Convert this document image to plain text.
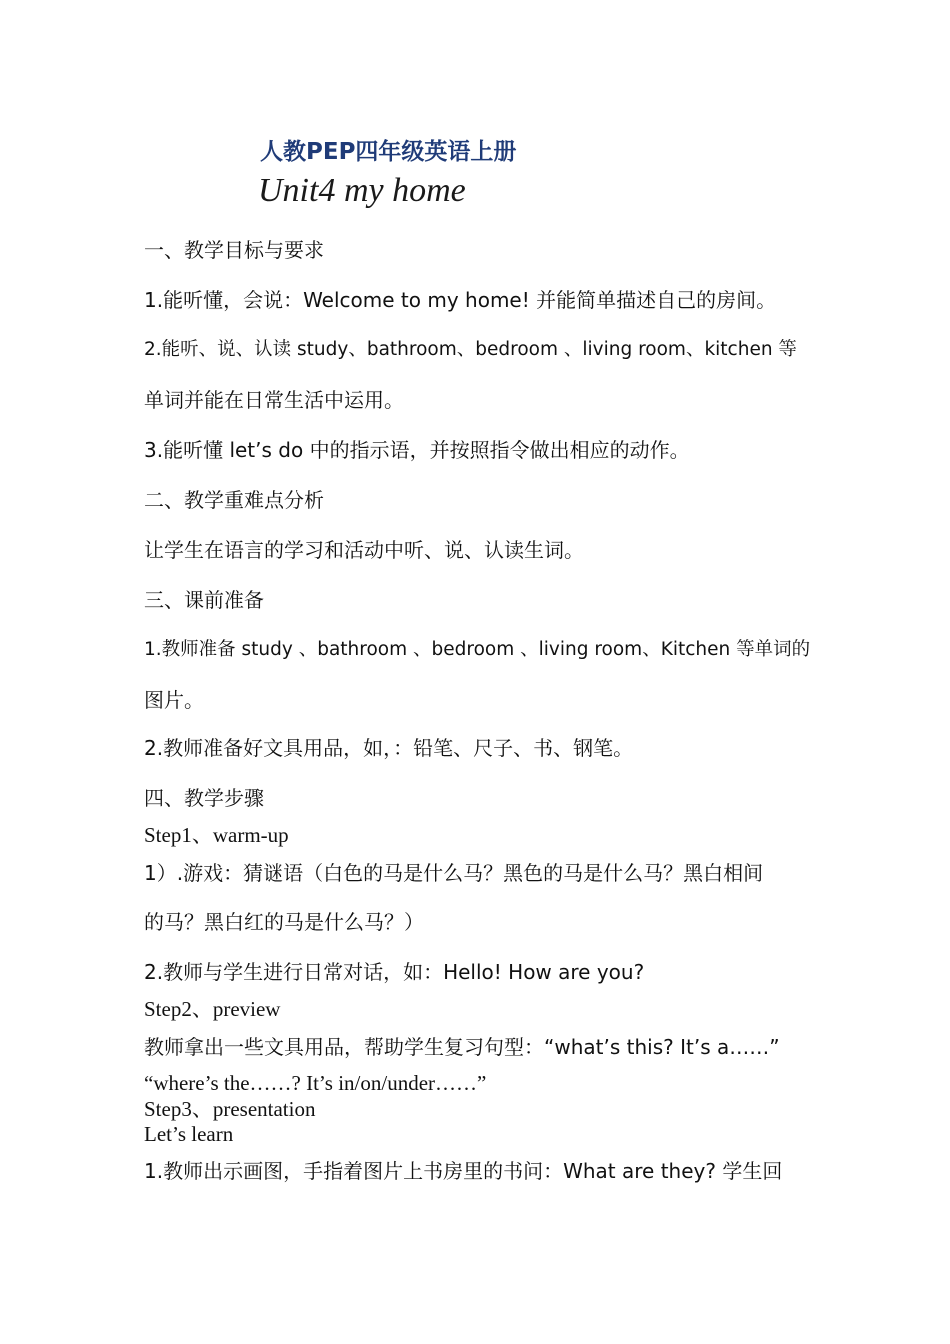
人教PEP四年级英语上册
Unit4 my home
一、教学目标与要求
1.能听懂，会说：Welcome to my home! 并能简单描述自己的房间。
2.能听、说、认读 study、bathroom、bedroom 、living room、kitchen 等
单词并能在日常生活中运用。
3.能听懂 let’s do 中的指示语，并按照指令做出相应的动作。
二、教学重难点分析
让学生在语言的学习和活动中听、说、认读生词。
三、课前准备
1.教师准备 study 、bathroom 、bedroom 、living room、Kitchen 等单词的
图片。
2.教师准备好文具用品，如，：铅笔、尺子、书、钢笔。
四、教学步骤
Step1、warm-up
1）.游戏：猜谜语（白色的马是什么马？黑色的马是什么马？黑白相间
的马？黑白红的马是什么马？）
2.教师与学生进行日常对话，如：Hello! How are you?
Step2、preview
教师拿出一些文具用品，帮助学生复习句型：“what’s this? It’s a……”
“where’s the……? It’s in/on/under……”
Step3、presentation
Let’s learn
1.教师出示画图，手指着图片上书房里的书问：What are they? 学生回
